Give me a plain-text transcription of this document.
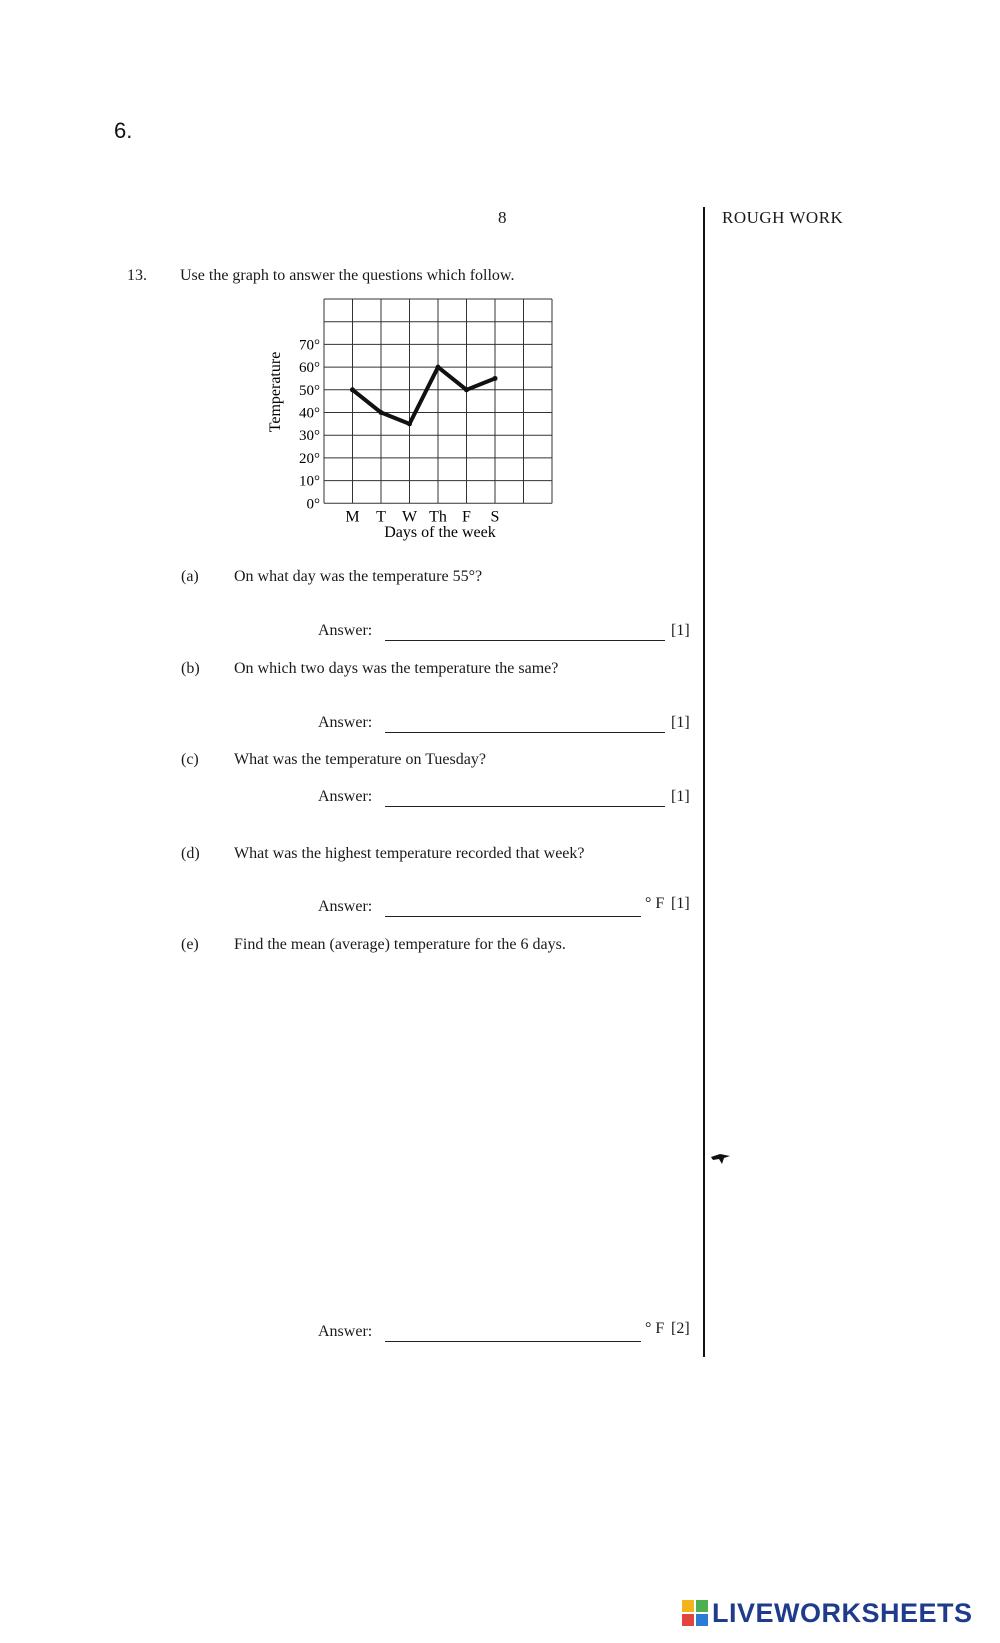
6.
8	ROUGH WORK
13. Use the graph to answer the questions which follow.
0°
10°
20°
30°
40°
50°
60°
70°
M T W Th F S
Temperature
Days of the week
(a) On what day was the temperature 55°?
Answer:	[1]
(b) On which two days was the temperature the same?
Answer:	[1]
(c) What was the temperature on Tuesday?
Answer:	[1]
(d) What was the highest temperature recorded that week?
Answer:	° F [1]
(e) Find the mean (average) temperature for the 6 days.
Answer:	° F [2]
LIVEWORKSHEETS
